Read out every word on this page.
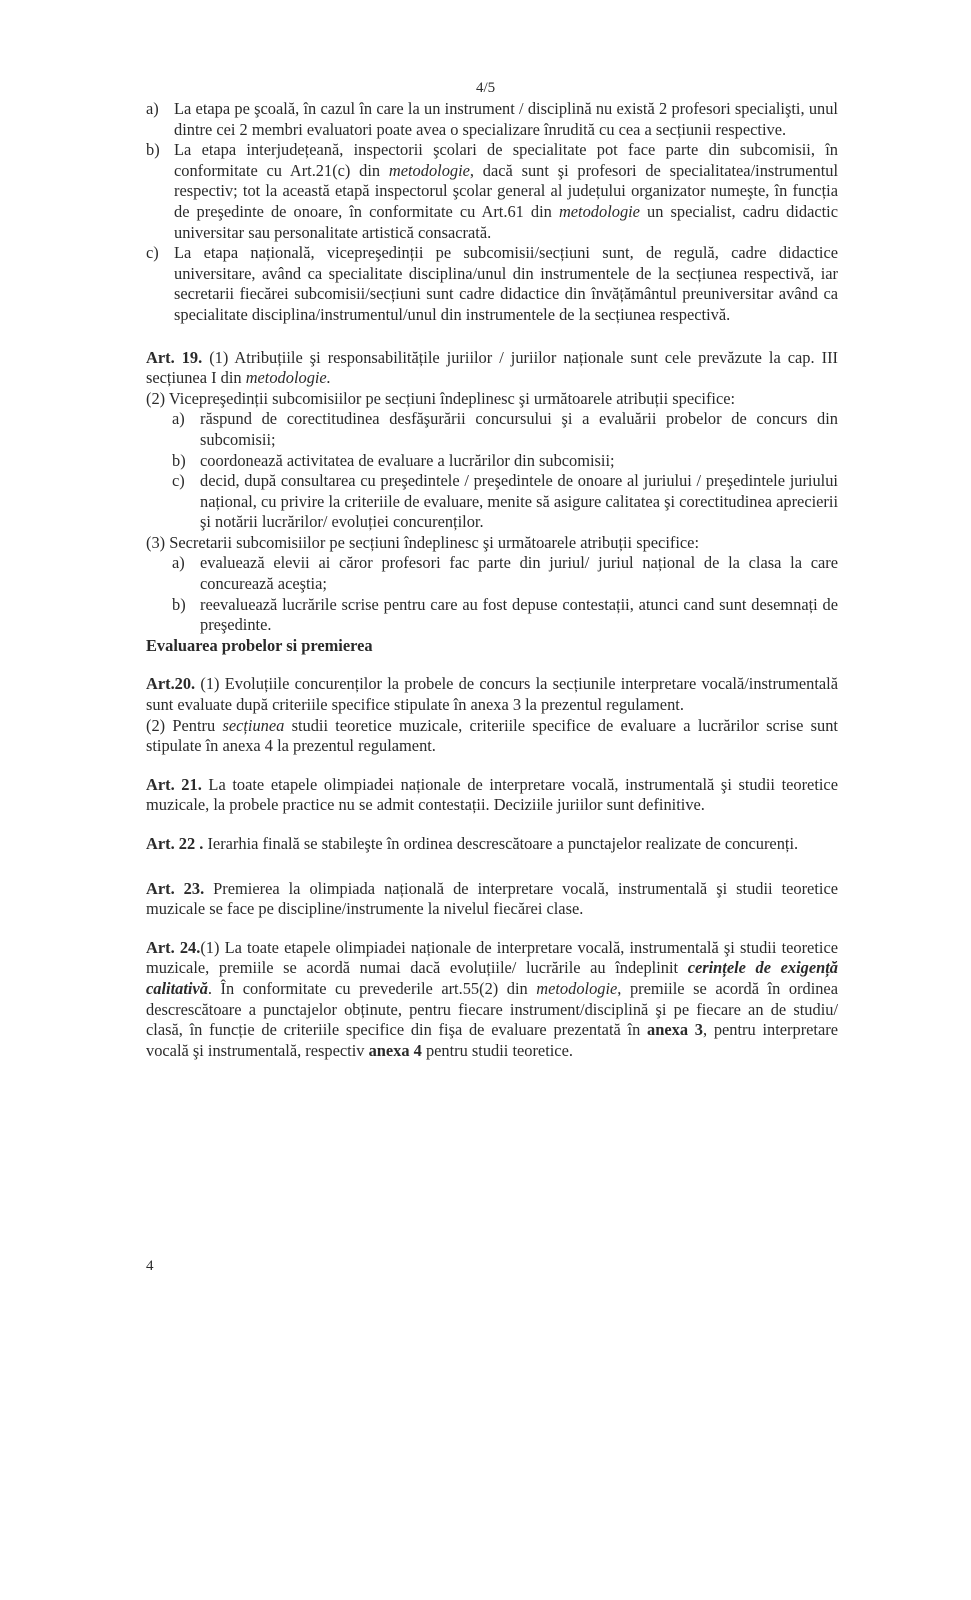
4/5
a) La etapa pe şcoală, în cazul în care la un instrument / disciplină nu există 2 profesori specialişti, unul dintre cei 2 membri evaluatori poate avea o specializare înrudită cu cea a secțiunii respective.
b) La etapa interjudețeană, inspectorii şcolari de specialitate pot face parte din subcomisii, în conformitate cu Art.21(c) din metodologie, dacă sunt şi profesori de specialitatea/instrumentul respectiv; tot la această etapă inspectorul şcolar general al județului organizator numeşte, în funcția de preşedinte de onoare, în conformitate cu Art.61 din metodologie un specialist, cadru didactic universitar sau personalitate artistică consacrată.
c) La etapa națională, vicepreşedinții pe subcomisii/secțiuni sunt, de regulă, cadre didactice universitare, având ca specialitate disciplina/unul din instrumentele de la secțiunea respectivă, iar secretarii fiecărei subcomisii/secțiuni sunt cadre didactice din învățământul preuniversitar având ca specialitate disciplina/instrumentul/unul din instrumentele de la secțiunea respectivă.

Art. 19. (1) Atribuțiile şi responsabilitățile juriilor / juriilor naționale sunt cele prevăzute la cap. III secțiunea I din metodologie.

(2) Vicepreşedinții subcomisiilor pe secțiuni îndeplinesc şi următoarele atribuții specifice:

a) răspund de corectitudinea desfăşurării concursului şi a evaluării probelor de concurs din subcomisii;
b) coordonează activitatea de evaluare a lucrărilor din subcomisii;
c) decid, după consultarea cu preşedintele / preşedintele de onoare al juriului / preşedintele juriului național, cu privire la criteriile de evaluare, menite să asigure calitatea şi corectitudinea aprecierii şi notării lucrărilor/ evoluției concurenților.

(3) Secretarii subcomisiilor pe secțiuni îndeplinesc şi următoarele atribuții specifice:

a) evaluează elevii ai căror profesori fac parte din juriul/ juriul național de la clasa la care concurează aceştia;
b) reevaluează lucrările scrise pentru care au fost depuse contestații, atunci cand sunt desemnați de preşedinte.

Evaluarea probelor si premierea

Art.20. (1) Evoluțiile concurenților la probele de concurs la secțiunile interpretare vocală/instrumentală sunt evaluate după criteriile specifice stipulate în anexa 3 la prezentul regulament.

(2) Pentru secțiunea studii teoretice muzicale, criteriile specifice de evaluare a lucrărilor scrise sunt stipulate în anexa 4 la prezentul regulament.

Art. 21. La toate etapele olimpiadei naționale de interpretare vocală, instrumentală şi studii teoretice muzicale, la probele practice nu se admit contestații. Deciziile juriilor sunt definitive.

Art. 22 . Ierarhia finală se stabileşte în ordinea descrescătoare a punctajelor realizate de concurenți.

Art. 23. Premierea la olimpiada națională de interpretare vocală, instrumentală şi studii teoretice muzicale se face pe discipline/instrumente la nivelul fiecărei clase.

Art. 24.(1) La toate etapele olimpiadei naționale de interpretare vocală, instrumentală şi studii teoretice muzicale, premiile se acordă numai dacă evoluțiile/ lucrările au îndeplinit cerințele de exigență calitativă. În conformitate cu prevederile art.55(2) din metodologie, premiile se acordă în ordinea descrescătoare a punctajelor obținute, pentru fiecare instrument/disciplină şi pe fiecare an de studiu/ clasă, în funcție de criteriile specifice din fişa de evaluare prezentată în anexa 3, pentru interpretare vocală şi instrumentală, respectiv anexa 4 pentru studii teoretice.

4
